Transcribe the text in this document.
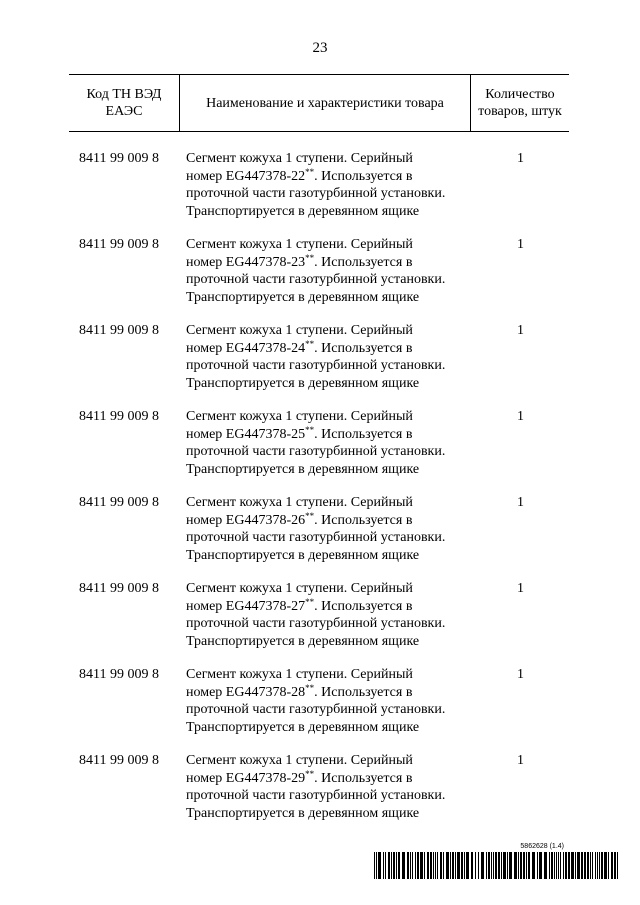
23
Код ТН ВЭД ЕАЭС
Наименование и характеристики товара
Количество товаров, штук
8411 99 009 8 Сегмент кожуха 1 ступени. Серийный
номер EG447378-22**. Используется в
проточной части газотурбинной установки.
Транспортируется в деревянном ящике
1
8411 99 009 8 Сегмент кожуха 1 ступени. Серийный
номер EG447378-23**. Используется в
проточной части газотурбинной установки.
Транспортируется в деревянном ящике
1
8411 99 009 8 Сегмент кожуха 1 ступени. Серийный
номер EG447378-24**. Используется в
проточной части газотурбинной установки.
Транспортируется в деревянном ящике
1
8411 99 009 8 Сегмент кожуха 1 ступени. Серийный
номер EG447378-25**. Используется в
проточной части газотурбинной установки.
Транспортируется в деревянном ящике
1
8411 99 009 8 Сегмент кожуха 1 ступени. Серийный
номер EG447378-26**. Используется в
проточной части газотурбинной установки.
Транспортируется в деревянном ящике
1
8411 99 009 8 Сегмент кожуха 1 ступени. Серийный
номер EG447378-27**. Используется в
проточной части газотурбинной установки.
Транспортируется в деревянном ящике
1
8411 99 009 8 Сегмент кожуха 1 ступени. Серийный
номер EG447378-28**. Используется в
проточной части газотурбинной установки.
Транспортируется в деревянном ящике
1
8411 99 009 8 Сегмент кожуха 1 ступени. Серийный
номер EG447378-29**. Используется в
проточной части газотурбинной установки.
Транспортируется в деревянном ящике
1
5862628 (1.4)
